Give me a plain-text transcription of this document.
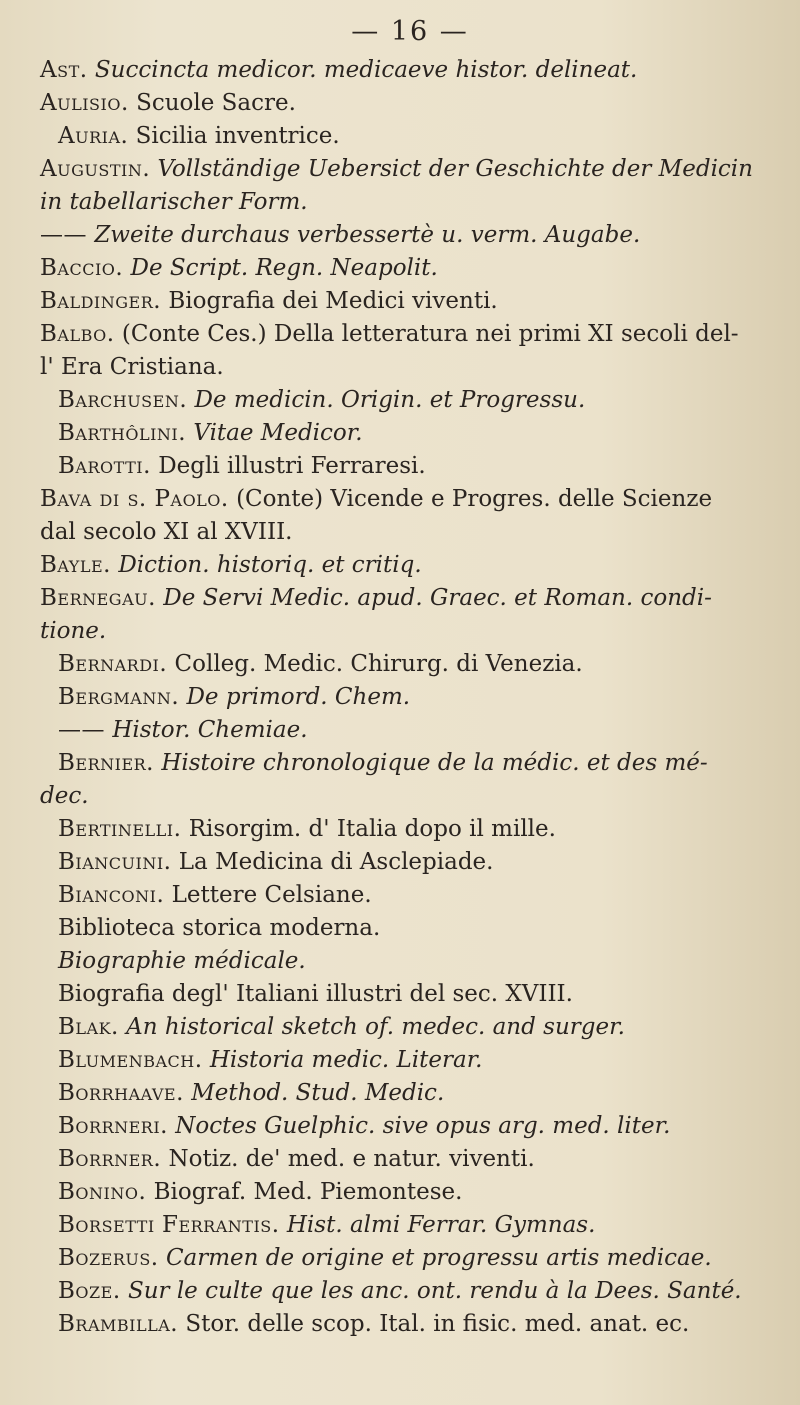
— 16 —

Ast. Succincta medicor. medicaeve histor. delineat.

Aulisio. Scuole Sacre.

Auria. Sicilia inventrice.

Augustin. Vollständige Uebersict der Geschichte der Medicin

in tabellarischer Form.

—— Zweite durchaus verbessertè u. verm. Augabe.

Baccio. De Script. Regn. Neapolit.

Baldinger. Biografia dei Medici viventi.

Balbo. (Conte Ces.) Della letteratura nei primi XI secoli del-

l' Era Cristiana.

Barchusen. De medicin. Origin. et Progressu.

Barthôlini. Vitae Medicor.

Barotti. Degli illustri Ferraresi.

Bava di s. Paolo. (Conte) Vicende e Progres. delle Scienze

dal secolo XI al XVIII.

Bayle. Diction. historiq. et critiq.

Bernegau. De Servi Medic. apud. Graec. et Roman. condi-

tione.

Bernardi. Colleg. Medic. Chirurg. di Venezia.

Bergmann. De primord. Chem.

—— Histor. Chemiae.

Bernier. Histoire chronologique de la médic. et des mé-

dec.

Bertinelli. Risorgim. d' Italia dopo il mille.

Biancuini. La Medicina di Asclepiade.

Bianconi. Lettere Celsiane.

Biblioteca storica moderna.

Biographie médicale.

Biografia degl' Italiani illustri del sec. XVIII.

Blak. An historical sketch of. medec. and surger.

Blumenbach. Historia medic. Literar.

Borrhaave. Method. Stud. Medic.

Borrneri. Noctes Guelphic. sive opus arg. med. liter.

Borrner. Notiz. de' med. e natur. viventi.

Bonino. Biograf. Med. Piemontese.

Borsetti Ferrantis. Hist. almi Ferrar. Gymnas.

Bozerus. Carmen de origine et progressu artis medicae.

Boze. Sur le culte que les anc. ont. rendu à la Dees. Santé.

Brambilla. Stor. delle scop. Ital. in fisic. med. anat. ec.
